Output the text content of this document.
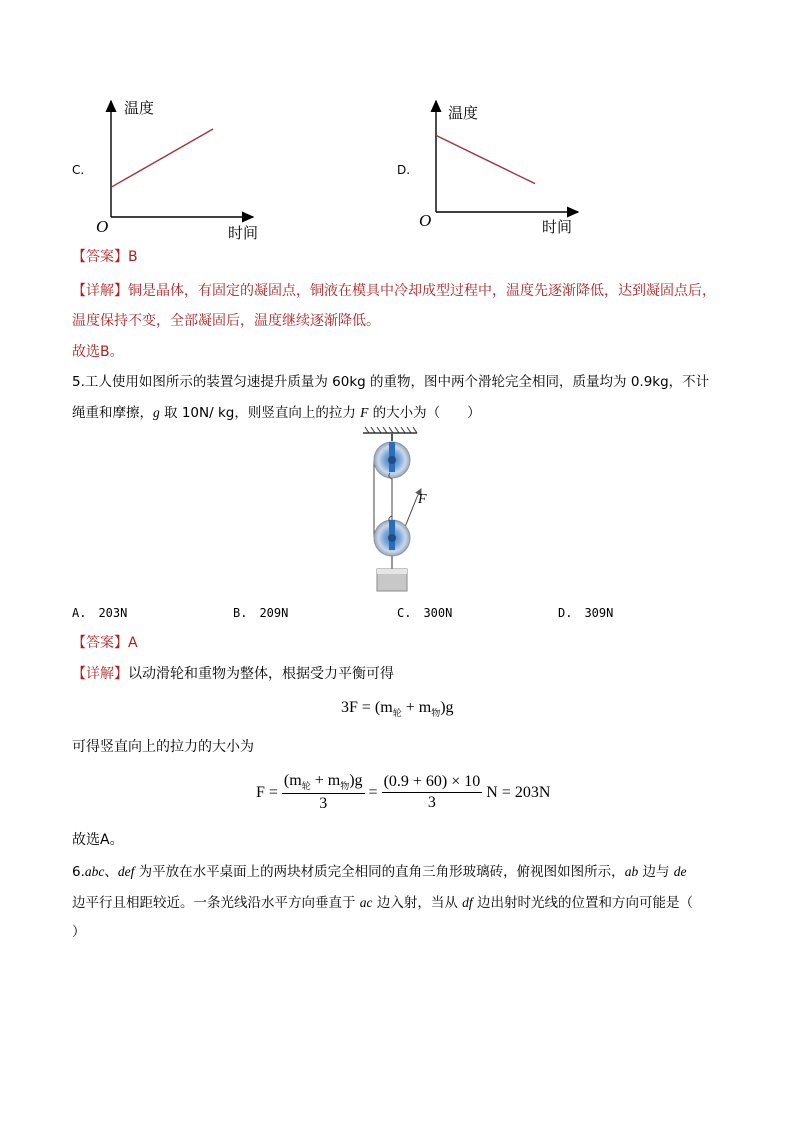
C.
温度
时间
O
D.
温度
时间
O
【答案】B
【详解】铜是晶体，有固定的凝固点，铜液在模具中冷却成型过程中，温度先逐渐降低，达到凝固点后，
温度保持不变，全部凝固后，温度继续逐渐降低。
故选B。
5.工人使用如图所示的装置匀速提升质量为 60kg 的重物，图中两个滑轮完全相同，质量均为 0.9kg，不计
绳重和摩擦，g 取 10N/ kg，则竖直向上的拉力 F 的大小为（　　）
F
A.　203N	B.　209N	C.　300N	D.　309N
【答案】A
【详解】以动滑轮和重物为整体，根据受力平衡可得
$3F = (m_轮 + m_物)g$
可得竖直向上的拉力的大小为
$F = \frac{(m_轮 + m_物)g}{3} = \frac{(0.9 + 60) \times 10}{3}$ N = 203N
故选A。
6.abc、def 为平放在水平桌面上的两块材质完全相同的直角三角形玻璃砖，俯视图如图所示，ab 边与 de
边平行且相距较近。一条光线沿水平方向垂直于 ac 边入射，当从 df 边出射时光线的位置和方向可能是（
）
